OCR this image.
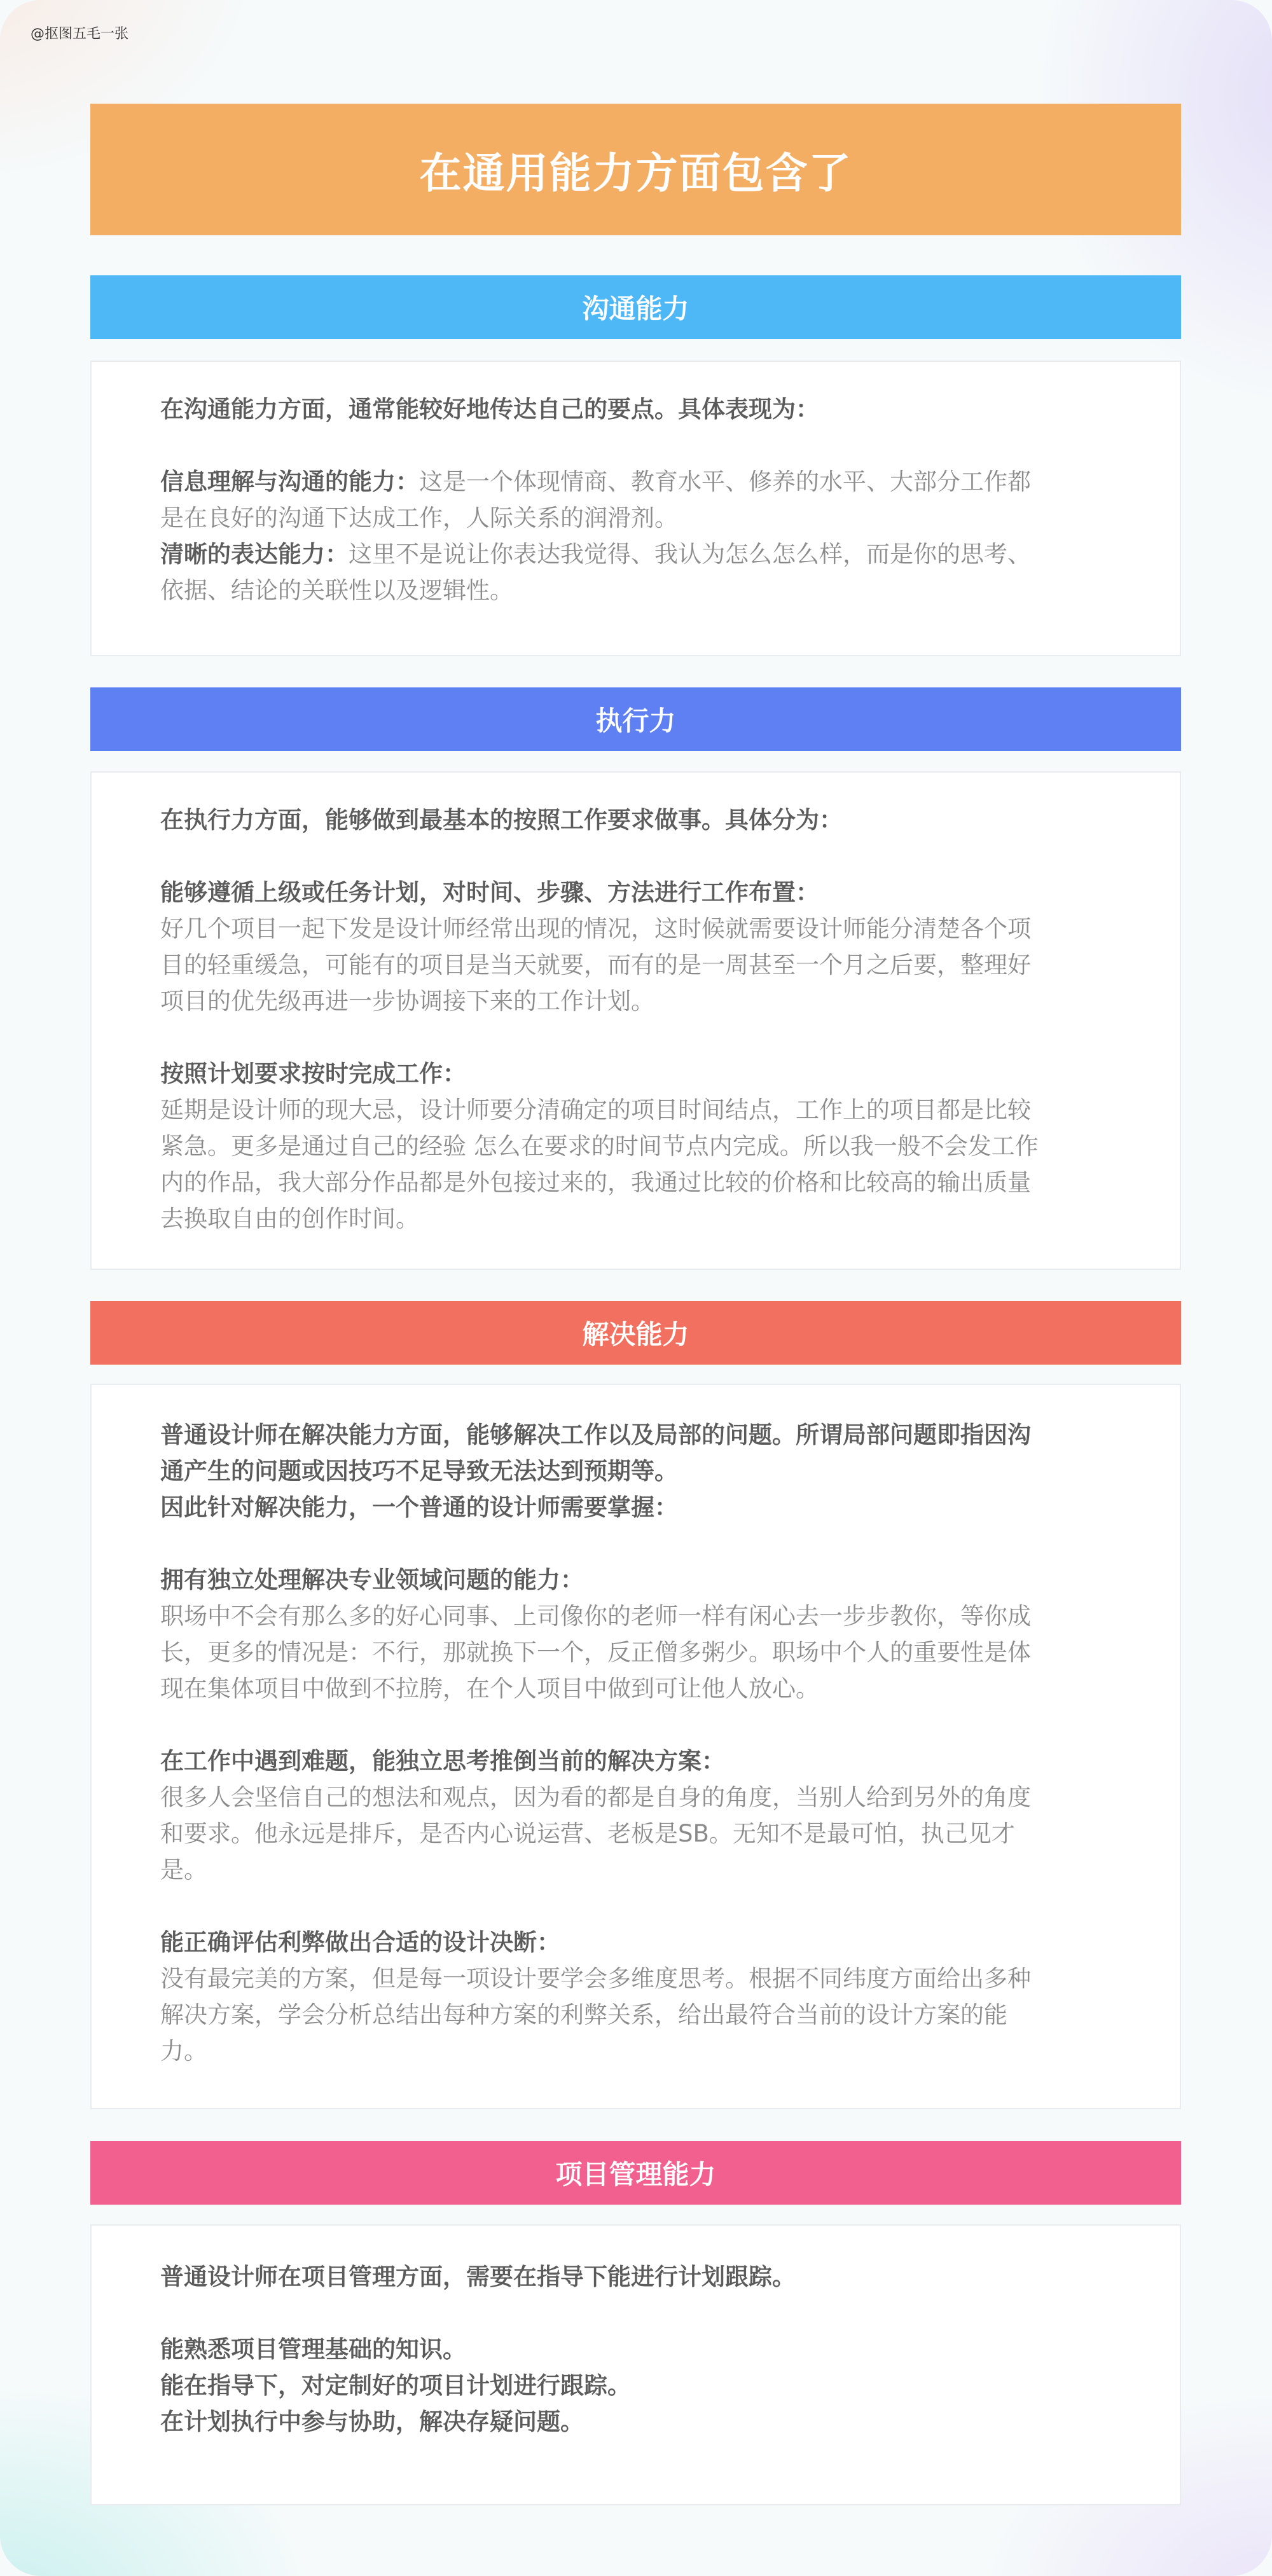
@抠图五毛一张
在通用能力方面包含了
沟通能力

在沟通能力方面，通常能较好地传达自己的要点。具体表现为：

信息理解与沟通的能力：这是一个体现情商、教育水平、修养的水平、大部分工作都

是在良好的沟通下达成工作，人际关系的润滑剂。

清晰的表达能力：这里不是说让你表达我觉得、我认为怎么怎么样，而是你的思考、

依据、结论的关联性以及逻辑性。

执行力

在执行力方面，能够做到最基本的按照工作要求做事。具体分为：

能够遵循上级或任务计划，对时间、步骤、方法进行工作布置：

好几个项目一起下发是设计师经常出现的情况，这时候就需要设计师能分清楚各个项

目的轻重缓急，可能有的项目是当天就要，而有的是一周甚至一个月之后要，整理好

项目的优先级再进一步协调接下来的工作计划。

按照计划要求按时完成工作：

延期是设计师的现大忌，设计师要分清确定的项目时间结点，工作上的项目都是比较

紧急。更多是通过自己的经验 怎么在要求的时间节点内完成。所以我一般不会发工作

内的作品，我大部分作品都是外包接过来的，我通过比较的价格和比较高的输出质量

去换取自由的创作时间。

解决能力

普通设计师在解决能力方面，能够解决工作以及局部的问题。所谓局部问题即指因沟

通产生的问题或因技巧不足导致无法达到预期等。

因此针对解决能力，一个普通的设计师需要掌握：

拥有独立处理解决专业领域问题的能力：

职场中不会有那么多的好心同事、上司像你的老师一样有闲心去一步步教你，等你成

长，更多的情况是：不行，那就换下一个，反正僧多粥少。职场中个人的重要性是体

现在集体项目中做到不拉胯，在个人项目中做到可让他人放心。

在工作中遇到难题，能独立思考推倒当前的解决方案：

很多人会坚信自己的想法和观点，因为看的都是自身的角度，当别人给到另外的角度

和要求。他永远是排斥，是否内心说运营、老板是SB。无知不是最可怕，执己见才

是。

能正确评估利弊做出合适的设计决断：

没有最完美的方案，但是每一项设计要学会多维度思考。根据不同纬度方面给出多种

解决方案，学会分析总结出每种方案的利弊关系，给出最符合当前的设计方案的能

力。

项目管理能力

普通设计师在项目管理方面，需要在指导下能进行计划跟踪。

能熟悉项目管理基础的知识。

能在指导下，对定制好的项目计划进行跟踪。

在计划执行中参与协助，解决存疑问题。
